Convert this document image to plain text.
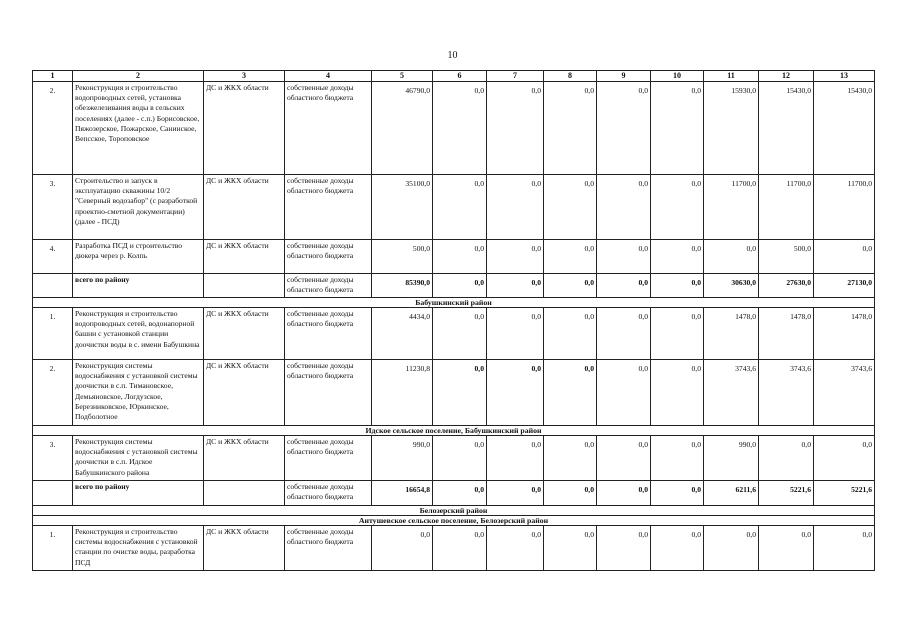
10
1	2	3	4	5	6	7	8	9	10	11	12	13
2.	Реконструкция и строительство водопроводных сетей, установка обезжелезивания воды в сельских поселениях (далее - с.п.) Борисовское, Пяжозерское, Пожарское, Санинское, Вепсское, Тороповское	ДС и ЖКХ области	собственные доходы областного бюджета	46790,0	0,0	0,0	0,0	0,0	0,0	15930,0	15430,0	15430,0
3.	Строительство и запуск в эксплуатацию скважины 10/2 "Северный водозабор" (с разработкой проектно-сметной документации) (далее - ПСД)	ДС и ЖКХ области	собственные доходы областного бюджета	35100,0	0,0	0,0	0,0	0,0	0,0	11700,0	11700,0	11700,0
4.	Разработка ПСД и строительство дюкера через р. Колпь	ДС и ЖКХ области	собственные доходы областного бюджета	500,0	0,0	0,0	0,0	0,0	0,0	0,0	500,0	0,0
	всего по району		собственные доходы областного бюджета	85390,0	0,0	0,0	0,0	0,0	0,0	30630,0	27630,0	27130,0
Бабушкинский район												
1.	Реконструкция и строительство водопроводных сетей, водонапорной башни с установкой станции доочистки воды в с. имени Бабушкина	ДС и ЖКХ области	собственные доходы областного бюджета	4434,0	0,0	0,0	0,0	0,0	0,0	1478,0	1478,0	1478,0
2.	Реконструкция системы водоснабжения с установкой системы доочистки в с.п. Тимановское, Демьяновское, Логдузское, Березниковское, Юркинское, Подболотное	ДС и ЖКХ области	собственные доходы областного бюджета	11230,8	0,0	0,0	0,0	0,0	0,0	3743,6	3743,6	3743,6
Идское сельское поселение, Бабушкинский район												
3.	Реконструкция системы водоснабжения с установкой системы доочистки в с.п. Идское Бабушкинского района	ДС и ЖКХ области	собственные доходы областного бюджета	990,0	0,0	0,0	0,0	0,0	0,0	990,0	0,0	0,0
	всего по району		собственные доходы областного бюджета	16654,8	0,0	0,0	0,0	0,0	0,0	6211,6	5221,6	5221,6
Белозерский район												
Антушевское сельское поселение, Белозерский район												
1.	Реконструкция и строительство системы водоснабжения с установкой станции по очистке воды, разработка ПСД	ДС и ЖКХ области	собственные доходы областного бюджета	0,0	0,0	0,0	0,0	0,0	0,0	0,0	0,0	0,0
